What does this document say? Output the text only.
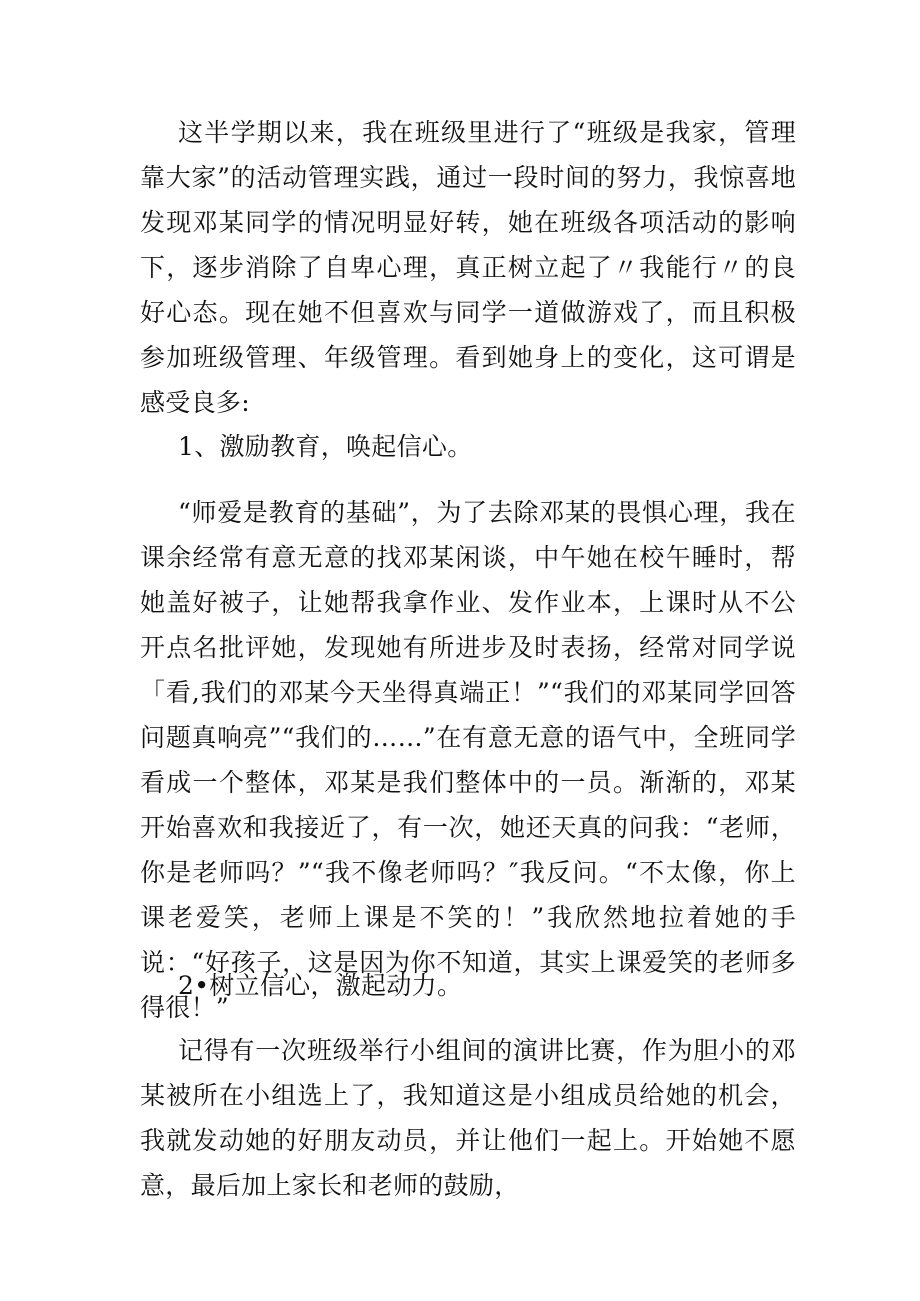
这半学期以来，我在班级里进行了“班级是我家，管理靠大家”的活动管理实践，通过一段时间的努力，我惊喜地发现邓某同学的情况明显好转，她在班级各项活动的影响下，逐步消除了自卑心理，真正树立起了〃我能行〃的良好心态。现在她不但喜欢与同学一道做游戏了，而且积极参加班级管理、年级管理。看到她身上的变化，这可谓是感受良多:

1、激励教育，唤起信心。

“师爱是教育的基础”，为了去除邓某的畏惧心理，我在课余经常有意无意的找邓某闲谈，中午她在校午睡时，帮她盖好被子，让她帮我拿作业、发作业本，上课时从不公开点名批评她，发现她有所进步及时表扬，经常对同学说「看,我们的邓某今天坐得真端正！”“我们的邓某同学回答问题真响亮”“我们的……”在有意无意的语气中，全班同学看成一个整体，邓某是我们整体中的一员。渐渐的，邓某开始喜欢和我接近了，有一次，她还天真的问我：“老师，你是老师吗？”“我不像老师吗？″我反问。“不太像，你上课老爱笑，老师上课是不笑的！”我欣然地拉着她的手说：“好孩子，这是因为你不知道，其实上课爱笑的老师多得很！”

2•树立信心，激起动力。

记得有一次班级举行小组间的演讲比赛，作为胆小的邓某被所在小组选上了，我知道这是小组成员给她的机会，我就发动她的好朋友动员，并让他们一起上。开始她不愿意，最后加上家长和老师的鼓励，
